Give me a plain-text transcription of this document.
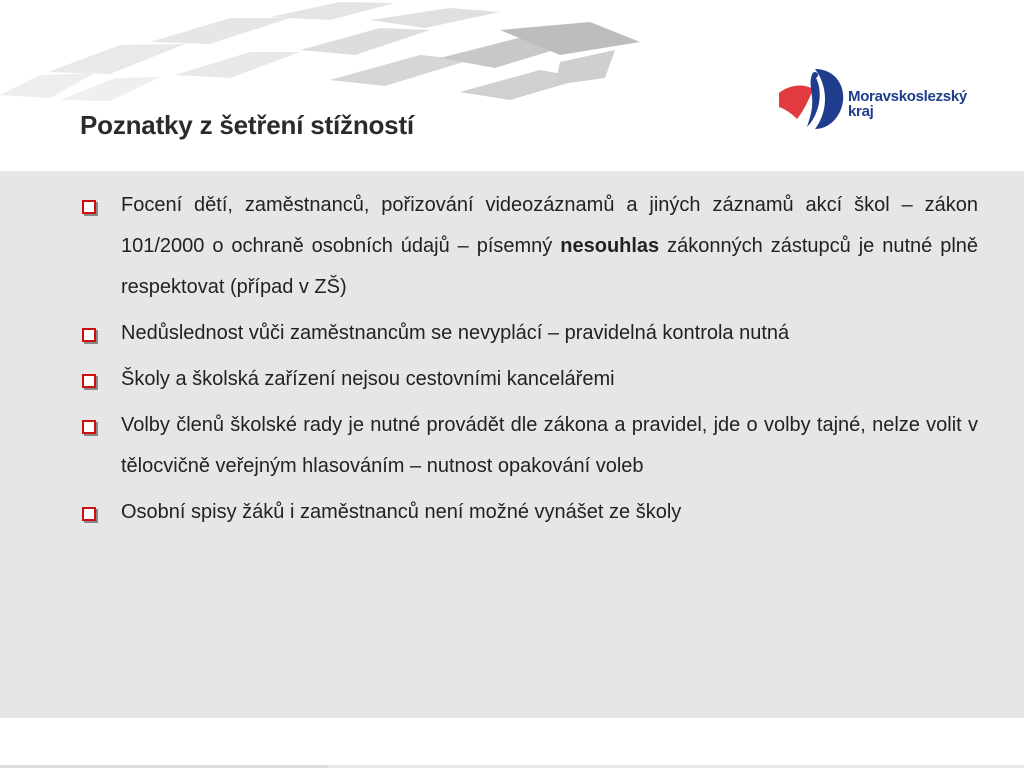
Poznatky z šetření stížností
Moravskoslezský
kraj
Focení dětí, zaměstnanců, pořizování videozáznamů a jiných záznamů akcí škol – zákon 101/2000 o ochraně osobních údajů – písemný nesouhlas zákonných zástupců je nutné plně respektovat (případ v ZŠ)
Nedůslednost vůči zaměstnancům se nevyplácí – pravidelná kontrola nutná
Školy a školská zařízení nejsou cestovními kancelářemi
Volby členů školské rady je nutné provádět dle zákona a pravidel, jde o volby tajné, nelze volit v tělocvičně veřejným hlasováním – nutnost opakování voleb
Osobní spisy žáků i zaměstnanců není možné vynášet ze školy
